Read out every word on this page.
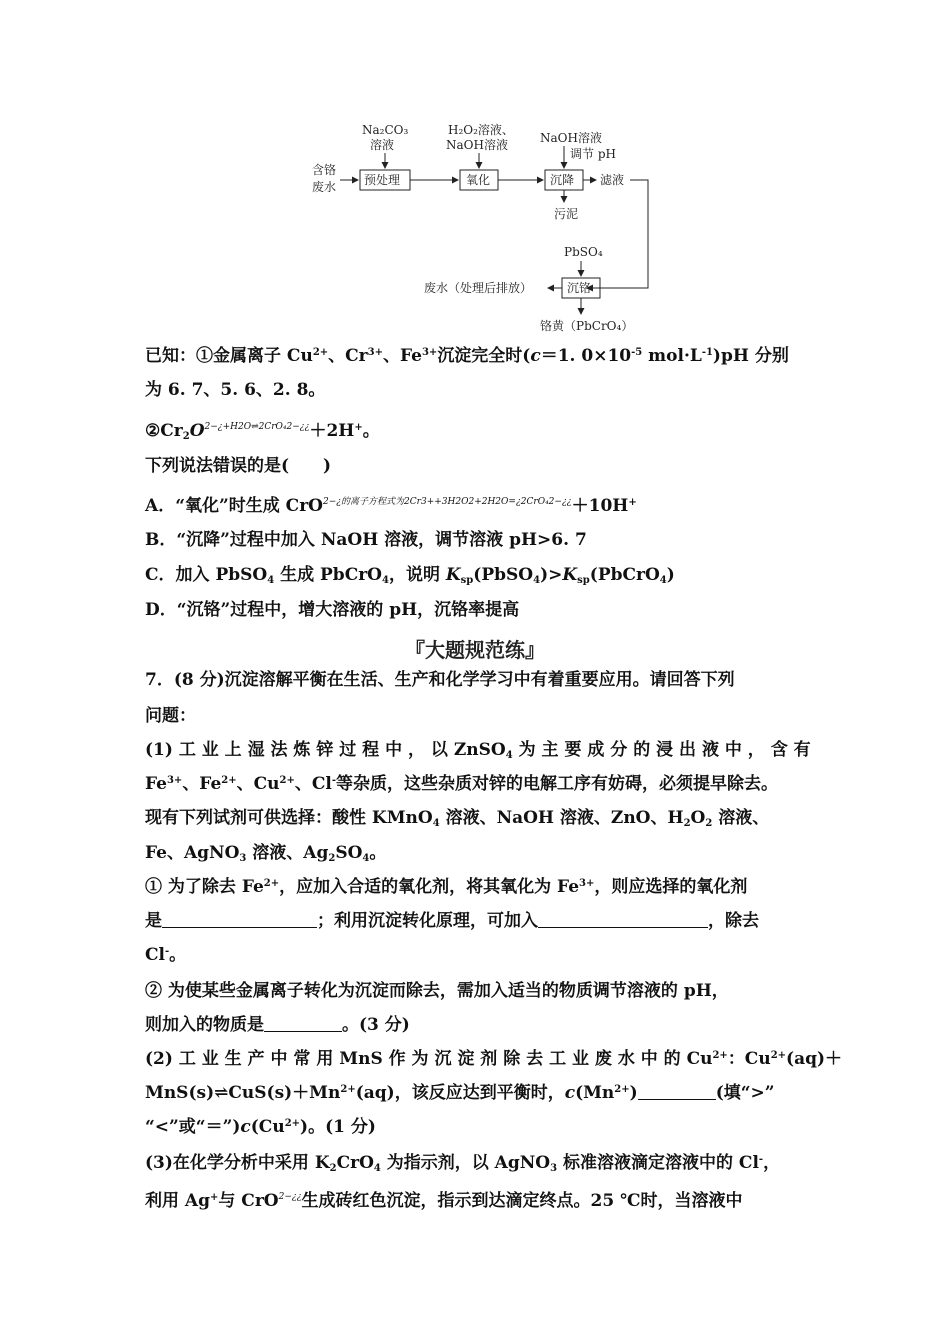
含铬
废水 预处理
Na₂CO₃
溶液
氧化
H₂O₂溶液、
NaOH溶液
沉降
NaOH溶液
调节 pH
滤液
污泥
沉铬
PbSO₄
废水（处理后排放）
铬黄（PbCrO₄）
已知：①金属离子 $Cu^{2+}$、$Cr^{3+}$、$Fe^{3+}$沉淀完全时(c＝1. $0\times 10^{-5}$ $mol\cdot L^{-1})pH$ 分别
为 6. 7、5. 6、2. 8。
$②Cr_2O^{2-¿+H2O\rightleftharpoons 2CrO_42-¿¿}+2H^+$。
下列说法错误的是(　　)
A．“氧化”时生成 CrO$^{2-¿的离子方程式为2Cr3++3H2O2+2H2O=¿2CrO_42-¿¿}$＋10H+
B．“沉降”过程中加入 NaOH 溶液，调节溶液 pH>6. 7
C．加入 PbSO$_4$ 生成 PbCrO$_4$，说明 $K_{sp}(PbSO_4)>K_{sp}(PbCrO_4)$
D．“沉铬”过程中，增大溶液的 pH，沉铬率提高
『大题规范练』
7．(8 分)沉淀溶解平衡在生活、生产和化学学习中有着重要应用。请回答下列
问题：
(1) 工 业 上 湿 法 炼 锌 过 程 中 ， 以 ZnSO$_4$ 为 主 要 成 分 的 浸 出 液 中 ， 含 有
$Fe^{3+}$、$Fe^{2+}$、$Cu^{2+}$、Cl-等杂质，这些杂质对锌的电解工序有妨碍，必须提早除去。
现有下列试剂可供选择：酸性 KMnO$_4$ 溶液、NaOH 溶液、ZnO、$H_2O_2$ 溶液、
Fe、AgNO$_3$ 溶液、$Ag_2SO_4$。
① 为了除去 $Fe^{2+}$，应加入合适的氧化剂，将其氧化为 $Fe^{3+}$，则应选择的氧化剂
是	；利用沉淀转化原理，可加入	，除去
Cl-。
② 为使某些金属离子转化为沉淀而除去，需加入适当的物质调节溶液的 pH，
则加入的物质是	。(3 分)
(2) 工 业 生 产 中 常 用 MnS 作 为 沉 淀 剂 除 去 工 业 废 水 中 的 $Cu^{2+}$：$Cu^{2+}(aq)+$
$MnS(s)\rightleftharpoons CuS(s)+Mn^{2+}(aq)$，该反应达到平衡时，$c(Mn^{2+})$	(填“>”
“<”或“$=”)c(Cu^{2+})$。(1 分)
(3)在化学分析中采用 $K_2CrO_4$ 为指示剂，以 AgNO$_3$ 标准溶液滴定溶液中的 Cl-，
利用 Ag+与 CrO$^{2-¿¿}$生成砖红色沉淀，指示到达滴定终点。25 ℃时，当溶液中
